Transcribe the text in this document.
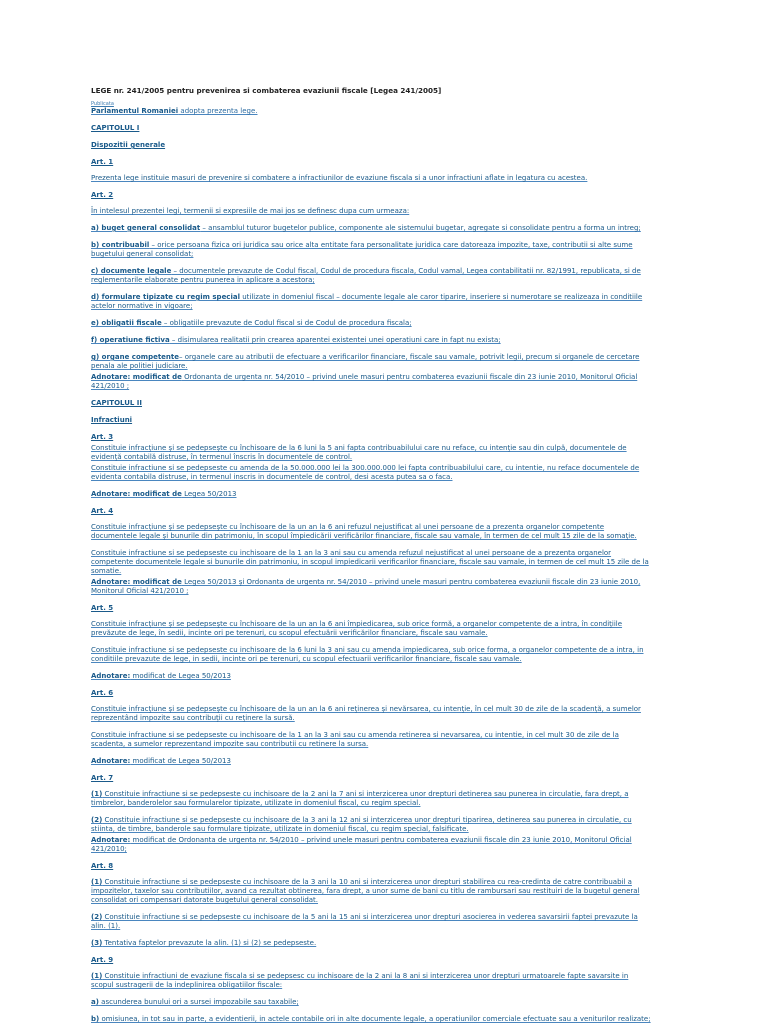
LEGE nr. 241/2005 pentru prevenirea si combaterea evaziunii fiscale [Legea 241/2005]
Publicata

Parlamentul Romaniei adopta prezenta lege.

CAPITOLUL I

Dispozitii generale

Art. 1

Prezenta lege instituie masuri de prevenire si combatere a infractiunilor de evaziune fiscala si a unor infractiuni aflate in legatura cu acestea.

Art. 2

În intelesul prezentei legi, termenii si expresiile de mai jos se definesc dupa cum urmeaza:

a) buget general consolidat – ansamblul tuturor bugetelor publice, componente ale sistemului bugetar, agregate si consolidate pentru a forma un intreg;

b) contribuabil – orice persoana fizica ori juridica sau orice alta entitate fara personalitate juridica care datoreaza impozite, taxe, contributii si alte sume bugetului general consolidat;

c) documente legale – documentele prevazute de Codul fiscal, Codul de procedura fiscala, Codul vamal, Legea contabilitatii nr. 82/1991, republicata, si de reglementarile elaborate pentru punerea in aplicare a acestora;

d) formulare tipizate cu regim special utilizate in domeniul fiscal – documente legale ale caror tiparire, inseriere si numerotare se realizeaza in conditiile actelor normative in vigoare;

e) obligatii fiscale – obligatiile prevazute de Codul fiscal si de Codul de procedura fiscala;

f) operatiune fictiva – disimularea realitatii prin crearea aparentei existentei unei operatiuni care in fapt nu exista;

g) organe competente– organele care au atributii de efectuare a verificarilor financiare, fiscale sau vamale, potrivit legii, precum si organele de cercetare penala ale politiei judiciare.

Adnotare: modificat de Ordonanta de urgenta nr. 54/2010 – privind unele masuri pentru combaterea evaziunii fiscale din 23 iunie 2010, Monitorul Oficial 421/2010 ;

CAPITOLUL II

Infractiuni

Art. 3

Constituie infracţiune şi se pedepseşte cu închisoare de la 6 luni la 5 ani fapta contribuabilului care nu reface, cu intenţie sau din culpă, documentele de evidenţă contabilă distruse, în termenul înscris în documentele de control.

Constituie infractiune si se pedepseste cu amenda de la 50.000.000 lei la 300.000.000 lei fapta contribuabilului care, cu intentie, nu reface documentele de evidenta contabila distruse, in termenul inscris in documentele de control, desi acesta putea sa o faca.

Adnotare: modificat de Legea 50/2013

Art. 4

Constituie infracţiune şi se pedepseşte cu închisoare de la un an la 6 ani refuzul nejustificat al unei persoane de a prezenta organelor competente documentele legale şi bunurile din patrimoniu, în scopul împiedicării verificărilor financiare, fiscale sau vamale, în termen de cel mult 15 zile de la somaţie.

Constituie infractiune si se pedepseste cu inchisoare de la 1 an la 3 ani sau cu amenda refuzul nejustificat al unei persoane de a prezenta organelor competente documentele legale si bunurile din patrimoniu, in scopul impiedicarii verificarilor financiare, fiscale sau vamale, in termen de cel mult 15 zile de la somatie.

Adnotare: modificat de Legea 50/2013 şi Ordonanta de urgenta nr. 54/2010 – privind unele masuri pentru combaterea evaziunii fiscale din 23 iunie 2010, Monitorul Oficial 421/2010 ;

Art. 5

Constituie infracţiune şi se pedepseşte cu închisoare de la un an la 6 ani împiedicarea, sub orice formă, a organelor competente de a intra, în condiţiile prevăzute de lege, în sedii, incinte ori pe terenuri, cu scopul efectuării verificărilor financiare, fiscale sau vamale.

Constituie infractiune si se pedepseste cu inchisoare de la 6 luni la 3 ani sau cu amenda impiedicarea, sub orice forma, a organelor competente de a intra, in conditiile prevazute de lege, in sedii, incinte ori pe terenuri, cu scopul efectuarii verificarilor financiare, fiscale sau vamale.

Adnotare: modificat de Legea 50/2013

Art. 6

Constituie infracţiune şi se pedepseşte cu închisoare de la un an la 6 ani reţinerea şi nevărsarea, cu intenţie, în cel mult 30 de zile de la scadenţă, a sumelor reprezentând impozite sau contribuţii cu reţinere la sursă.

Constituie infractiune si se pedepseste cu inchisoare de la 1 an la 3 ani sau cu amenda retinerea si nevarsarea, cu intentie, in cel mult 30 de zile de la scadenta, a sumelor reprezentand impozite sau contributii cu retinere la sursa.

Adnotare: modificat de Legea 50/2013

Art. 7

(1) Constituie infractiune si se pedepseste cu inchisoare de la 2 ani la 7 ani si interzicerea unor drepturi detinerea sau punerea in circulatie, fara drept, a timbrelor, banderolelor sau formularelor tipizate, utilizate in domeniul fiscal, cu regim special.

(2) Constituie infractiune si se pedepseste cu inchisoare de la 3 ani la 12 ani si interzicerea unor drepturi tiparirea, detinerea sau punerea in circulatie, cu stiinta, de timbre, banderole sau formulare tipizate, utilizate in domeniul fiscal, cu regim special, falsificate.

Adnotare: modificat de Ordonanta de urgenta nr. 54/2010 – privind unele masuri pentru combaterea evaziunii fiscale din 23 iunie 2010, Monitorul Oficial 421/2010;

Art. 8

(1) Constituie infractiune si se pedepseste cu inchisoare de la 3 ani la 10 ani si interzicerea unor drepturi stabilirea cu rea-credinta de catre contribuabil a impozitelor, taxelor sau contributiilor, avand ca rezultat obtinerea, fara drept, a unor sume de bani cu titlu de rambursari sau restituiri de la bugetul general consolidat ori compensari datorate bugetului general consolidat.

(2) Constituie infractiune si se pedepseste cu inchisoare de la 5 ani la 15 ani si interzicerea unor drepturi asocierea in vederea savarsirii faptei prevazute la alin. (1).

(3) Tentativa faptelor prevazute la alin. (1) si (2) se pedepseste.

Art. 9

(1) Constituie infractiuni de evaziune fiscala si se pedepsesc cu inchisoare de la 2 ani la 8 ani si interzicerea unor drepturi urmatoarele fapte savarsite in scopul sustragerii de la indeplinirea obligatiilor fiscale:

a) ascunderea bunului ori a sursei impozabile sau taxabile;

b) omisiunea, in tot sau in parte, a evidentierii, in actele contabile ori in alte documente legale, a operatiunilor comerciale efectuate sau a veniturilor realizate;
